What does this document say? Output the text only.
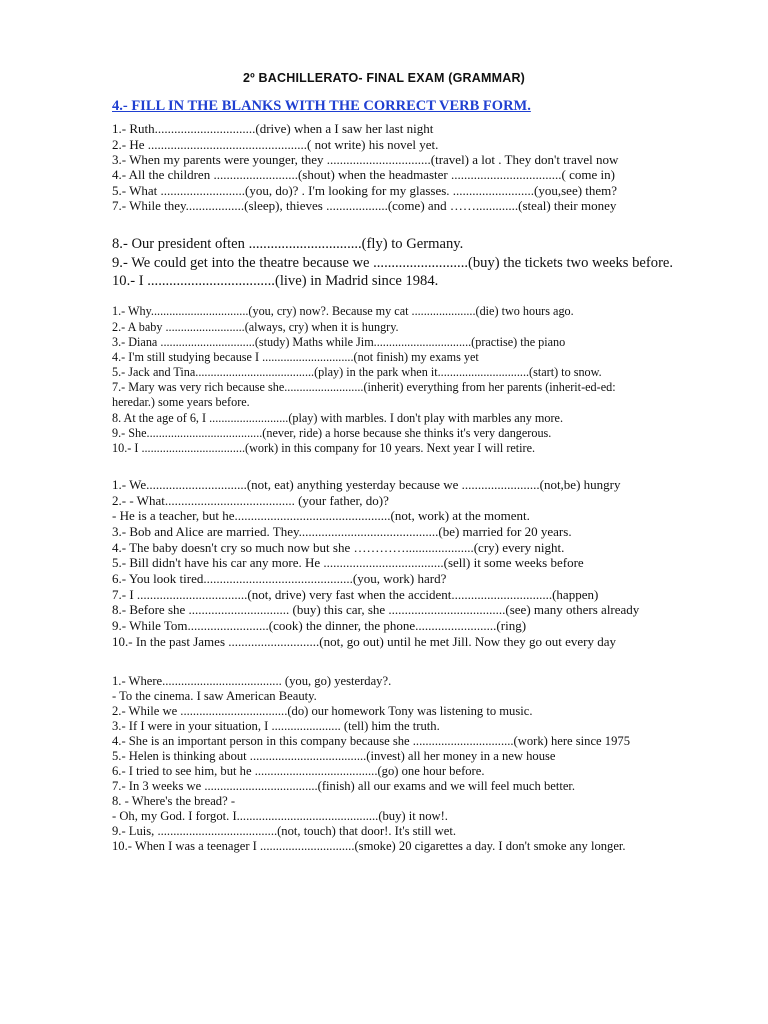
2º BACHILLERATO- FINAL EXAM (GRAMMAR)
4.- FILL IN THE BLANKS WITH THE CORRECT VERB FORM.
1.- Ruth...............................(drive) when a I saw her last night
2.- He .................................................( not write) his novel yet.
3.- When my parents were younger, they ................................(travel) a lot . They don't travel now
4.- All the children ..........................(shout) when the headmaster ..................................( come in)
5.- What ..........................(you, do)? . I'm looking for my glasses. .........................(you,see) them?
7.- While they..................(sleep), thieves ...................(come) and …….............(steal) their money
8.- Our president often ...............................(fly) to Germany.
9.- We could get into the theatre because we ..........................(buy) the tickets two weeks before.
10.- I ...................................(live) in Madrid since 1984.
1.- Why................................(you, cry) now?. Because my cat .....................(die) two hours ago.
2.- A baby ..........................(always, cry) when it is hungry.
3.- Diana ...............................(study) Maths while Jim................................(practise) the piano
4.- I'm still studying because I ..............................(not finish) my exams yet
5.- Jack and Tina.......................................(play) in the park when it..............................(start) to snow.
7.- Mary was very rich because she..........................(inherit) everything from her parents (inherit-ed-ed:
heredar.) some years before.
8. At the age of 6, I ..........................(play) with marbles. I don't play with marbles any more.
9.- She......................................(never, ride) a horse because she thinks it's very dangerous.
10.- I ..................................(work) in this company for 10 years. Next year I will retire.
1.- We...............................(not, eat) anything yesterday because we ........................(not,be) hungry
2.- - What........................................ (your father, do)?
- He is a teacher, but he................................................(not, work) at the moment.
3.- Bob and Alice are married. They...........................................(be) married for 20 years.
4.- The baby doesn't cry so much now but she ………….....................(cry) every night.
5.- Bill didn't have his car any more. He .....................................(sell) it some weeks before
6.- You look tired..............................................(you, work) hard?
7.- I ..................................(not, drive) very fast when the accident...............................(happen)
8.- Before she ............................... (buy) this car, she ....................................(see) many others already
9.- While Tom.........................(cook) the dinner, the phone.........................(ring)
10.- In the past James ............................(not, go out) until he met Jill. Now they go out every day
1.- Where...................................... (you, go) yesterday?.
- To the cinema. I saw American Beauty.
2.- While we ..................................(do) our homework Tony was listening to music.
3.- If I were in your situation, I ...................... (tell) him the truth.
4.- She is an important person in this company because she ................................(work) here since 1975
5.- Helen is thinking about .....................................(invest) all her money in a new house
6.- I tried to see him, but he .......................................(go) one hour before.
7.- In 3 weeks we ....................................(finish) all our exams and we will feel much better.
8. - Where's the bread? -
- Oh, my God. I forgot. I.............................................(buy) it now!.
9.- Luis, ......................................(not, touch) that door!. It's still wet.
10.- When I was a teenager I ..............................(smoke) 20 cigarettes a day. I don't smoke any longer.
